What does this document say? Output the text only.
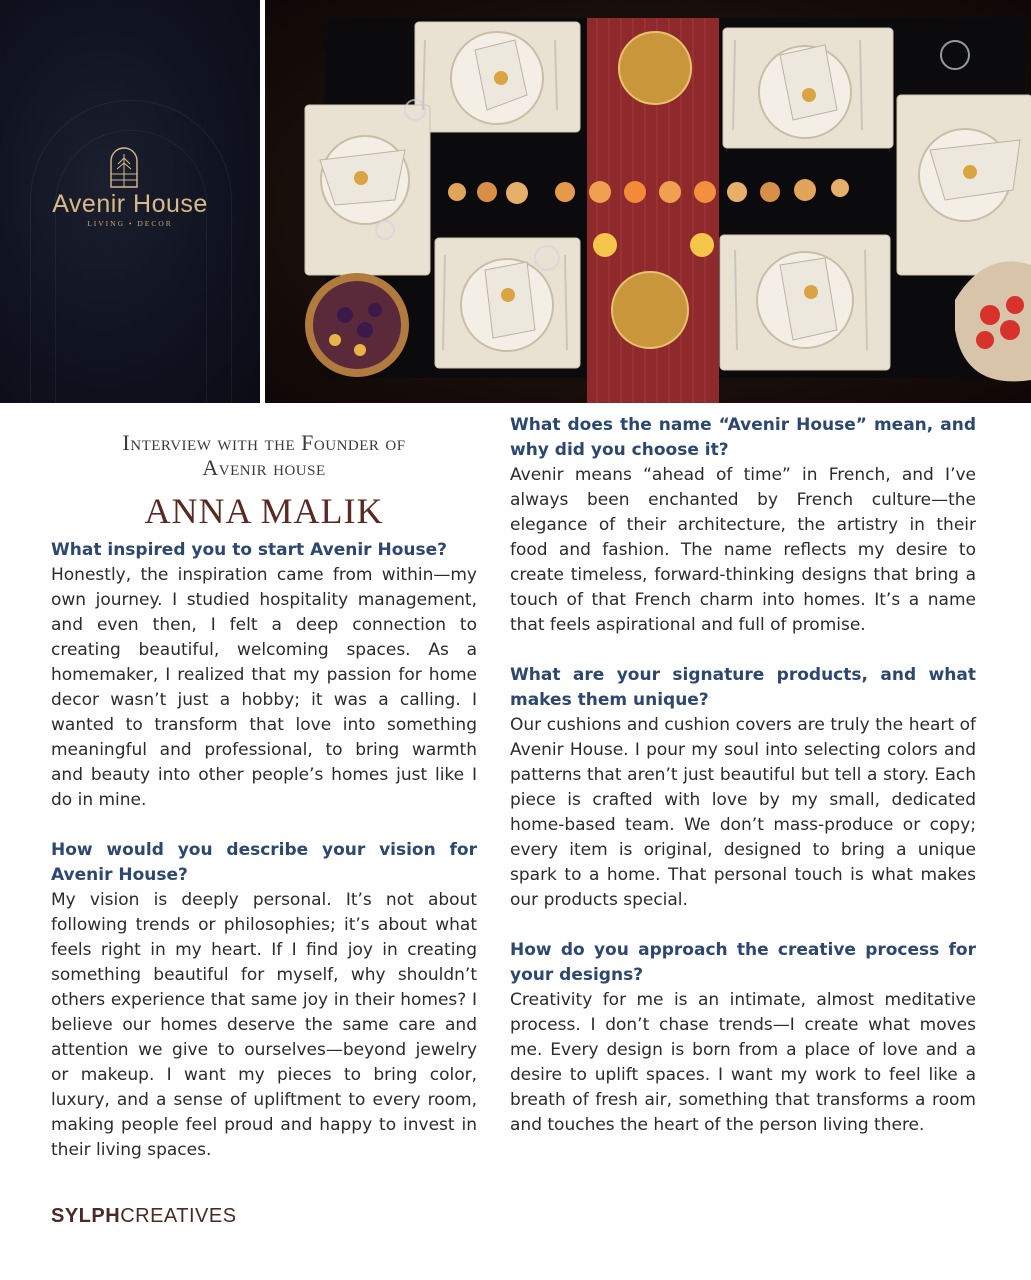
Avenir House
LIVING • DECOR

Interview with the Founder of
Avenir house

ANNA MALIK

What inspired you to start Avenir House?

Honestly, the inspiration came from within—my own journey. I studied hospitality management, and even then, I felt a deep connection to creating beautiful, welcoming spaces. As a homemaker, I realized that my passion for home decor wasn’t just a hobby; it was a calling. I wanted to transform that love into something meaningful and professional, to bring warmth and beauty into other people’s homes just like I do in mine.

How would you describe your vision for Avenir House?

My vision is deeply personal. It’s not about following trends or philosophies; it’s about what feels right in my heart. If I find joy in creating something beautiful for myself, why shouldn’t others experience that same joy in their homes? I believe our homes deserve the same care and attention we give to ourselves—beyond jewelry or makeup. I want my pieces to bring color, luxury, and a sense of upliftment to every room, making people feel proud and happy to invest in their living spaces.

What does the name “Avenir House” mean, and why did you choose it?

Avenir means “ahead of time” in French, and I’ve always been enchanted by French culture—the elegance of their architecture, the artistry in their food and fashion. The name reflects my desire to create timeless, forward-thinking designs that bring a touch of that French charm into homes. It’s a name that feels aspirational and full of promise.

What are your signature products, and what makes them unique?

Our cushions and cushion covers are truly the heart of Avenir House. I pour my soul into selecting colors and patterns that aren’t just beautiful but tell a story. Each piece is crafted with love by my small, dedicated home-based team. We don’t mass-produce or copy; every item is original, designed to bring a unique spark to a home. That personal touch is what makes our products special.

How do you approach the creative process for your designs?

Creativity for me is an intimate, almost meditative process. I don’t chase trends—I create what moves me. Every design is born from a place of love and a desire to uplift spaces. I want my work to feel like a breath of fresh air, something that transforms a room and touches the heart of the person living there.

SYLPHCREATIVES
